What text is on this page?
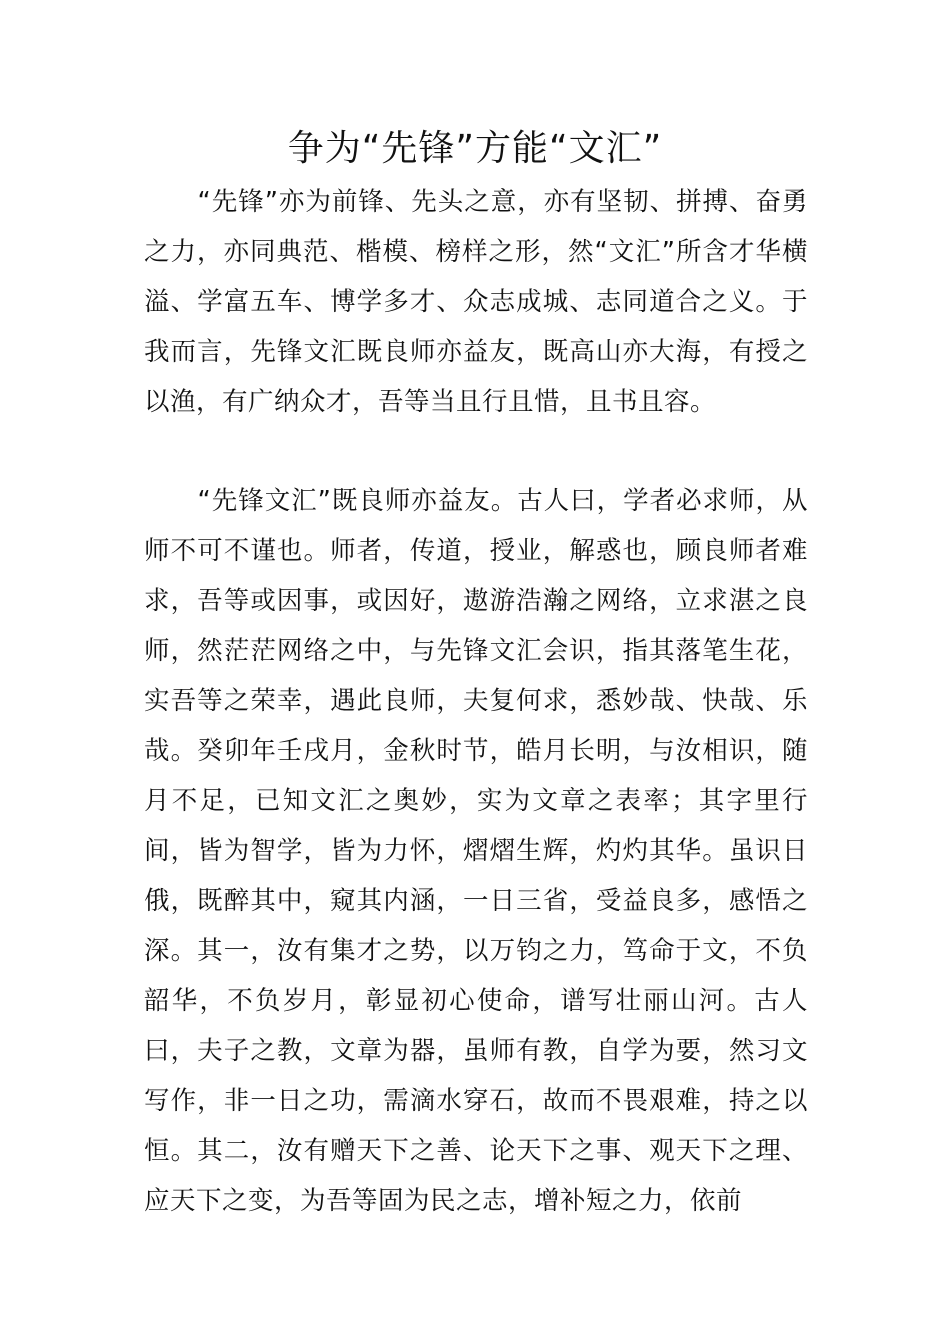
争为“先锋”方能“文汇”

“先锋”亦为前锋、先头之意，亦有坚韧、拼搏、奋勇之力，亦同典范、楷模、榜样之形，然“文汇”所含才华横溢、学富五车、博学多才、众志成城、志同道合之义。于我而言，先锋文汇既良师亦益友，既高山亦大海，有授之以渔，有广纳众才，吾等当且行且惜，且书且容。

“先锋文汇”既良师亦益友。古人曰，学者必求师，从师不可不谨也。师者，传道，授业，解惑也，顾良师者难求，吾等或因事，或因好，遨游浩瀚之网络，立求湛之良师，然茫茫网络之中，与先锋文汇会识，指其落笔生花，实吾等之荣幸，遇此良师，夫复何求，悉妙哉、快哉、乐哉。癸卯年壬戌月，金秋时节，皓月长明，与汝相识，随月不足，已知文汇之奥妙，实为文章之表率；其字里行间，皆为智学，皆为力怀，熠熠生辉，灼灼其华。虽识日俄，既醉其中，窥其内涵，一日三省，受益良多，感悟之深。其一，汝有集才之势，以万钧之力，笃命于文，不负韶华，不负岁月，彰显初心使命，谱写壮丽山河。古人曰，夫子之教，文章为器，虽师有教，自学为要，然习文写作，非一日之功，需滴水穿石，故而不畏艰难，持之以恒。其二，汝有赠天下之善、论天下之事、观天下之理、应天下之变，为吾等固为民之志，增补短之力，依前
